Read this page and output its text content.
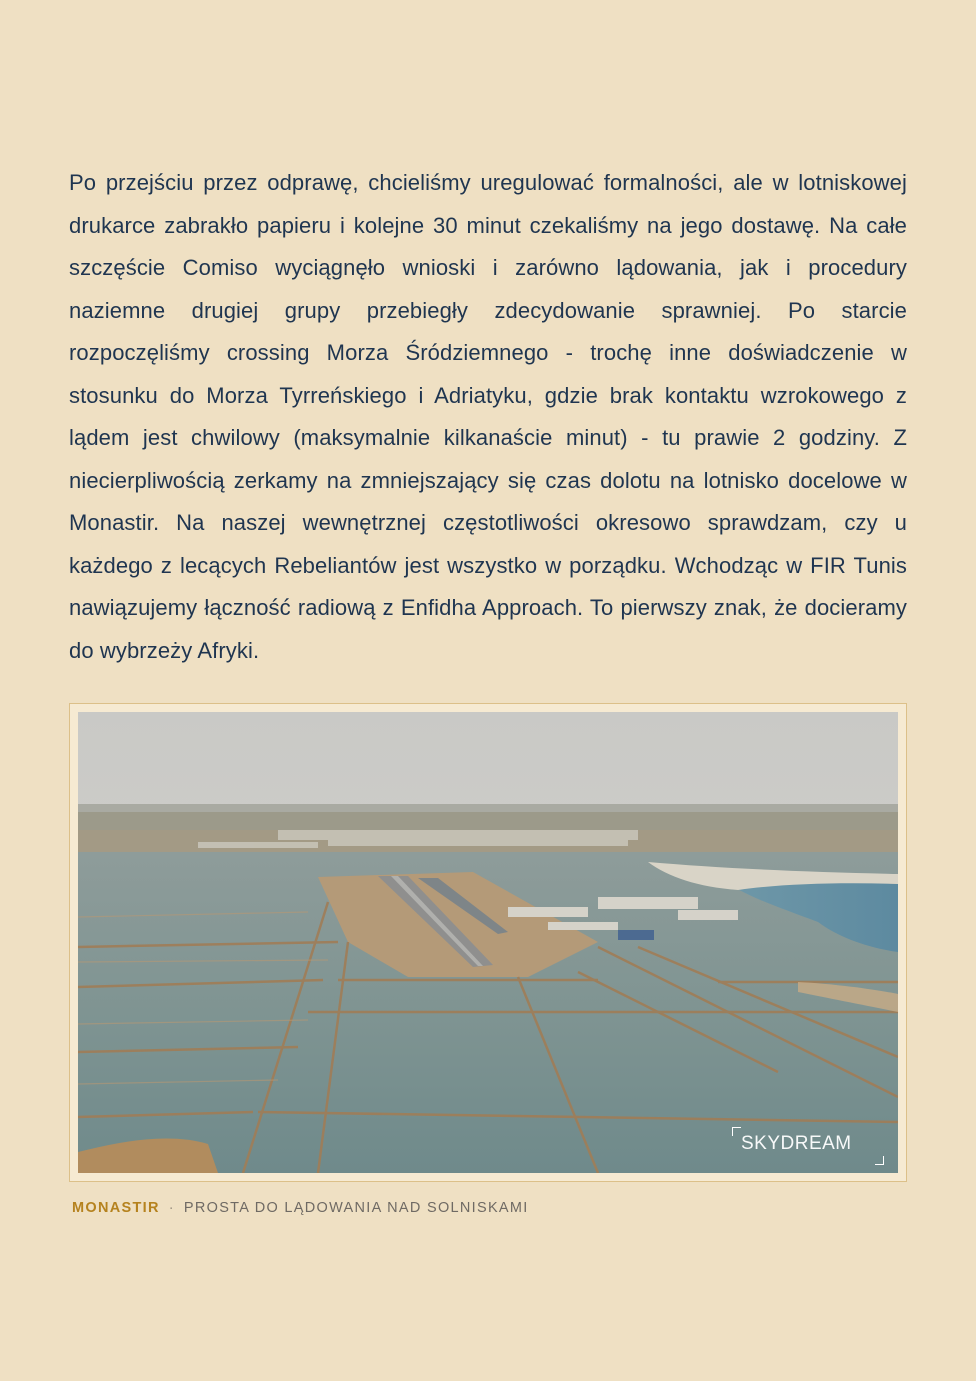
Po przejściu przez odprawę, chcieliśmy uregulować formalności, ale w lotniskowej drukarce zabrakło papieru i kolejne 30 minut czekaliśmy na jego dostawę. Na całe szczęście Comiso wyciągnęło wnioski i zarówno lądowania, jak i procedury naziemne drugiej grupy przebiegły zdecydowanie sprawniej. Po starcie rozpoczęliśmy crossing Morza Śródziemnego - trochę inne doświadczenie w stosunku do Morza Tyrreńskiego i Adriatyku, gdzie brak kontaktu wzrokowego z lądem jest chwilowy (maksymalnie kilkanaście minut) - tu prawie 2 godziny. Z niecierpliwością zerkamy na zmniejszający się czas dolotu na lotnisko docelowe w Monastir. Na naszej wewnętrznej częstotliwości okresowo sprawdzam, czy u każdego z lecących Rebeliantów jest wszystko w porządku. Wchodząc w FIR Tunis nawiązujemy łączność radiową z Enfidha Approach. To pierwszy znak, że docieramy do wybrzeży Afryki.

SKYDREAM
MONASTIR · PROSTA DO LĄDOWANIA NAD SOLNISKAMI
